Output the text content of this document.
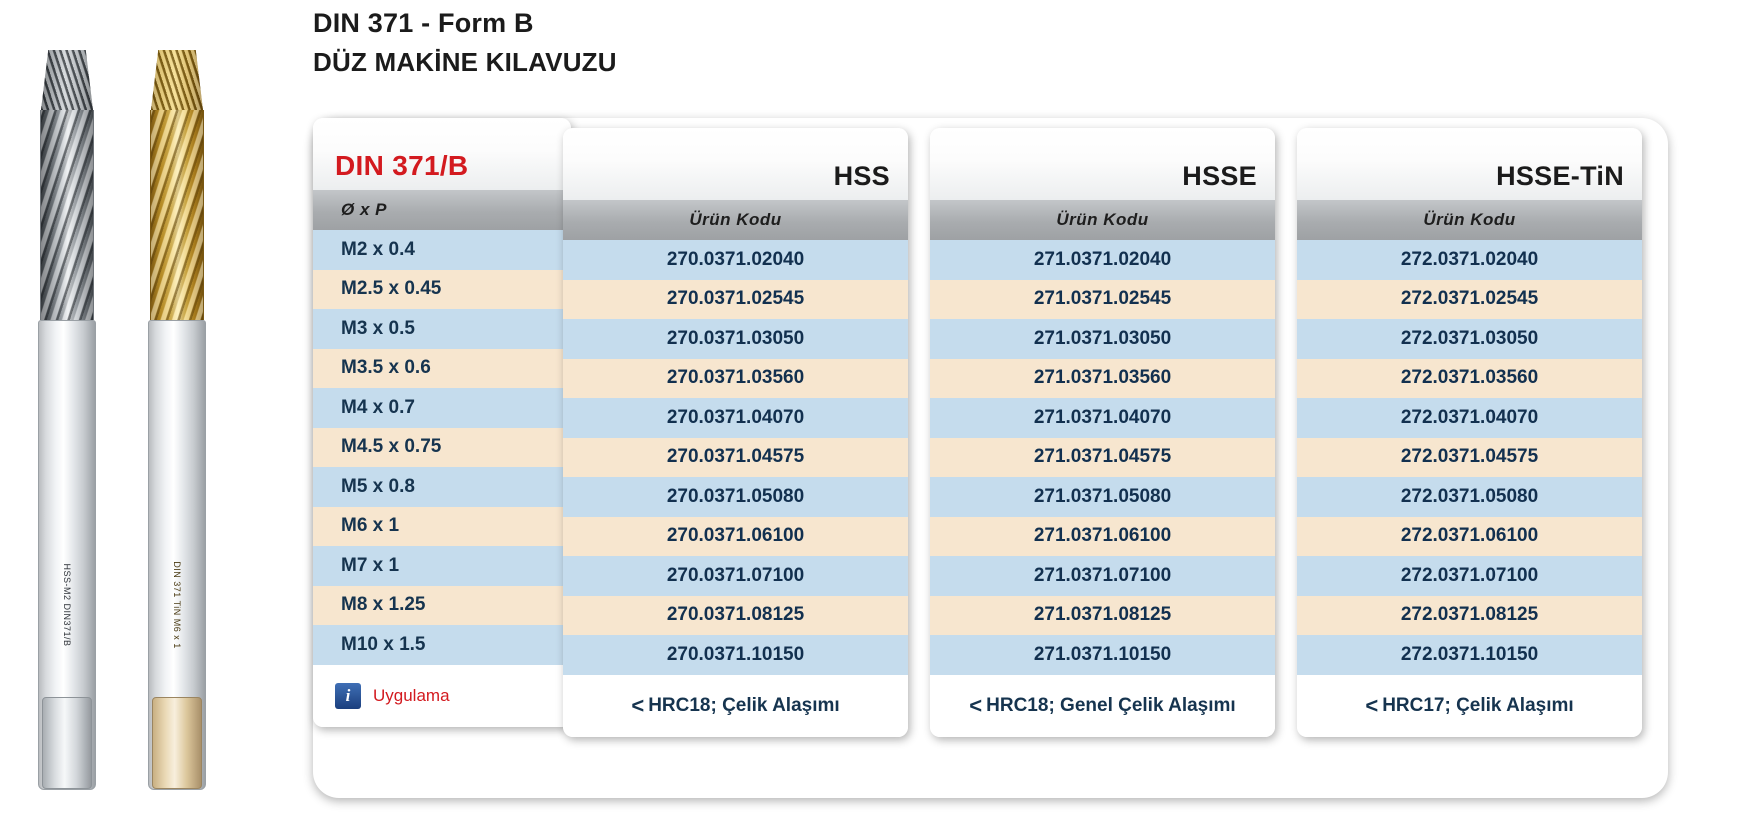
HSS-M2 DIN371/B	DIN 371 TiN M6 x 1
DIN 371 - Form B
DÜZ MAKİNE KILAVUZU
DIN 371/B
Ø x P
M2 x 0.4
M2.5 x 0.45
M3 x 0.5
M3.5 x 0.6
M4 x 0.7
M4.5 x 0.75
M5 x 0.8
M6 x 1
M7 x 1
M8 x 1.25
M10 x 1.5
i	Uygulama
HSS
Ürün Kodu
270.0371.02040
270.0371.02545
270.0371.03050
270.0371.03560
270.0371.04070
270.0371.04575
270.0371.05080
270.0371.06100
270.0371.07100
270.0371.08125
270.0371.10150
< HRC18; Çelik Alaşımı
HSSE
Ürün Kodu
271.0371.02040
271.0371.02545
271.0371.03050
271.0371.03560
271.0371.04070
271.0371.04575
271.0371.05080
271.0371.06100
271.0371.07100
271.0371.08125
271.0371.10150
< HRC18; Genel Çelik Alaşımı
HSSE-TiN
Ürün Kodu
272.0371.02040
272.0371.02545
272.0371.03050
272.0371.03560
272.0371.04070
272.0371.04575
272.0371.05080
272.0371.06100
272.0371.07100
272.0371.08125
272.0371.10150
< HRC17; Çelik Alaşımı
